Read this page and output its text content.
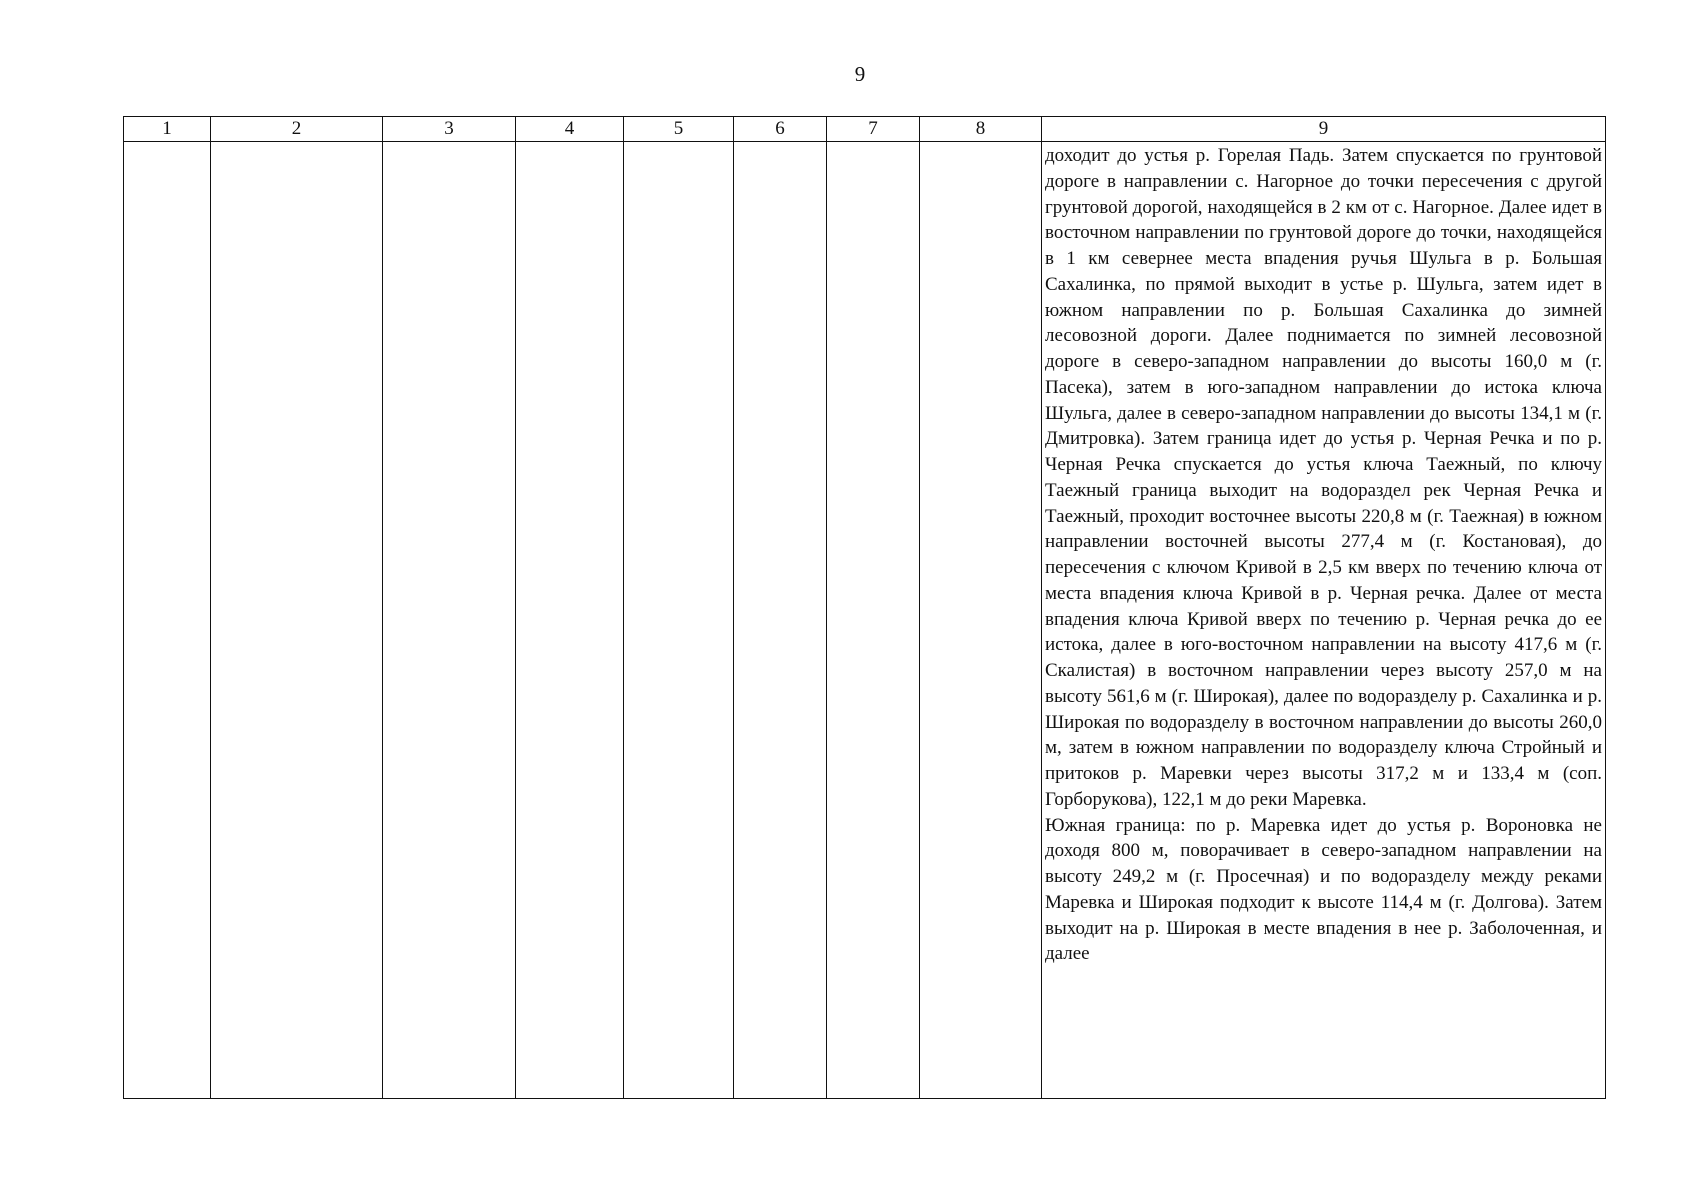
9
1	2	3	4	5	6	7	8	9

								доходит до устья р. Горелая Падь. Затем спускается по грунтовой дороге в направлении с. Нагорное до точки пересечения с другой грунтовой дорогой, находящейся в 2 км от с. Нагорное. Далее идет в восточном направлении по грунтовой дороге до точки, находящейся в 1 км севернее места впадения ручья Шульга в р. Большая Сахалинка, по прямой выходит в устье р. Шульга, затем идет в южном направлении по р. Большая Сахалинка до зимней лесовозной дороги. Далее поднимается по зимней лесовозной дороге в северо-западном направлении до высоты 160,0 м (г. Пасека), затем в юго-западном направлении до истока ключа Шульга, далее в северо-западном направлении до высоты 134,1 м (г. Дмитровка). Затем граница идет до устья р. Черная Речка и по р. Черная Речка спускается до устья ключа Таежный, по ключу Таежный граница выходит на водораздел рек Черная Речка и Таежный, проходит восточнее высоты 220,8 м (г. Таежная) в южном направлении восточней высоты 277,4 м (г. Костановая), до пересечения с ключом Кривой в 2,5 км вверх по течению ключа от места впадения ключа Кривой в р. Черная речка. Далее от места впадения ключа Кривой вверх по течению р. Черная речка до ее истока, далее в юго-восточном направлении на высоту 417,6 м (г. Скалистая) в восточном направлении через высоту 257,0 м на высоту 561,6 м (г. Широкая), далее по водоразделу р. Сахалинка и р. Широкая по водоразделу в восточном направлении до высоты 260,0 м, затем в южном направлении по водоразделу ключа Стройный и притоков р. Маревки через высоты 317,2 м и 133,4 м (соп. Горборукова), 122,1 м до реки Маревка.

Южная граница: по р. Маревка идет до устья р. Вороновка не доходя 800 м, поворачивает в северо-западном направлении на высоту 249,2 м (г. Просечная) и по водоразделу между реками Маревка и Широкая подходит к высоте 114,4 м (г. Долгова). Затем выходит на р. Широкая в месте впадения в нее р. Заболоченная, и далее
